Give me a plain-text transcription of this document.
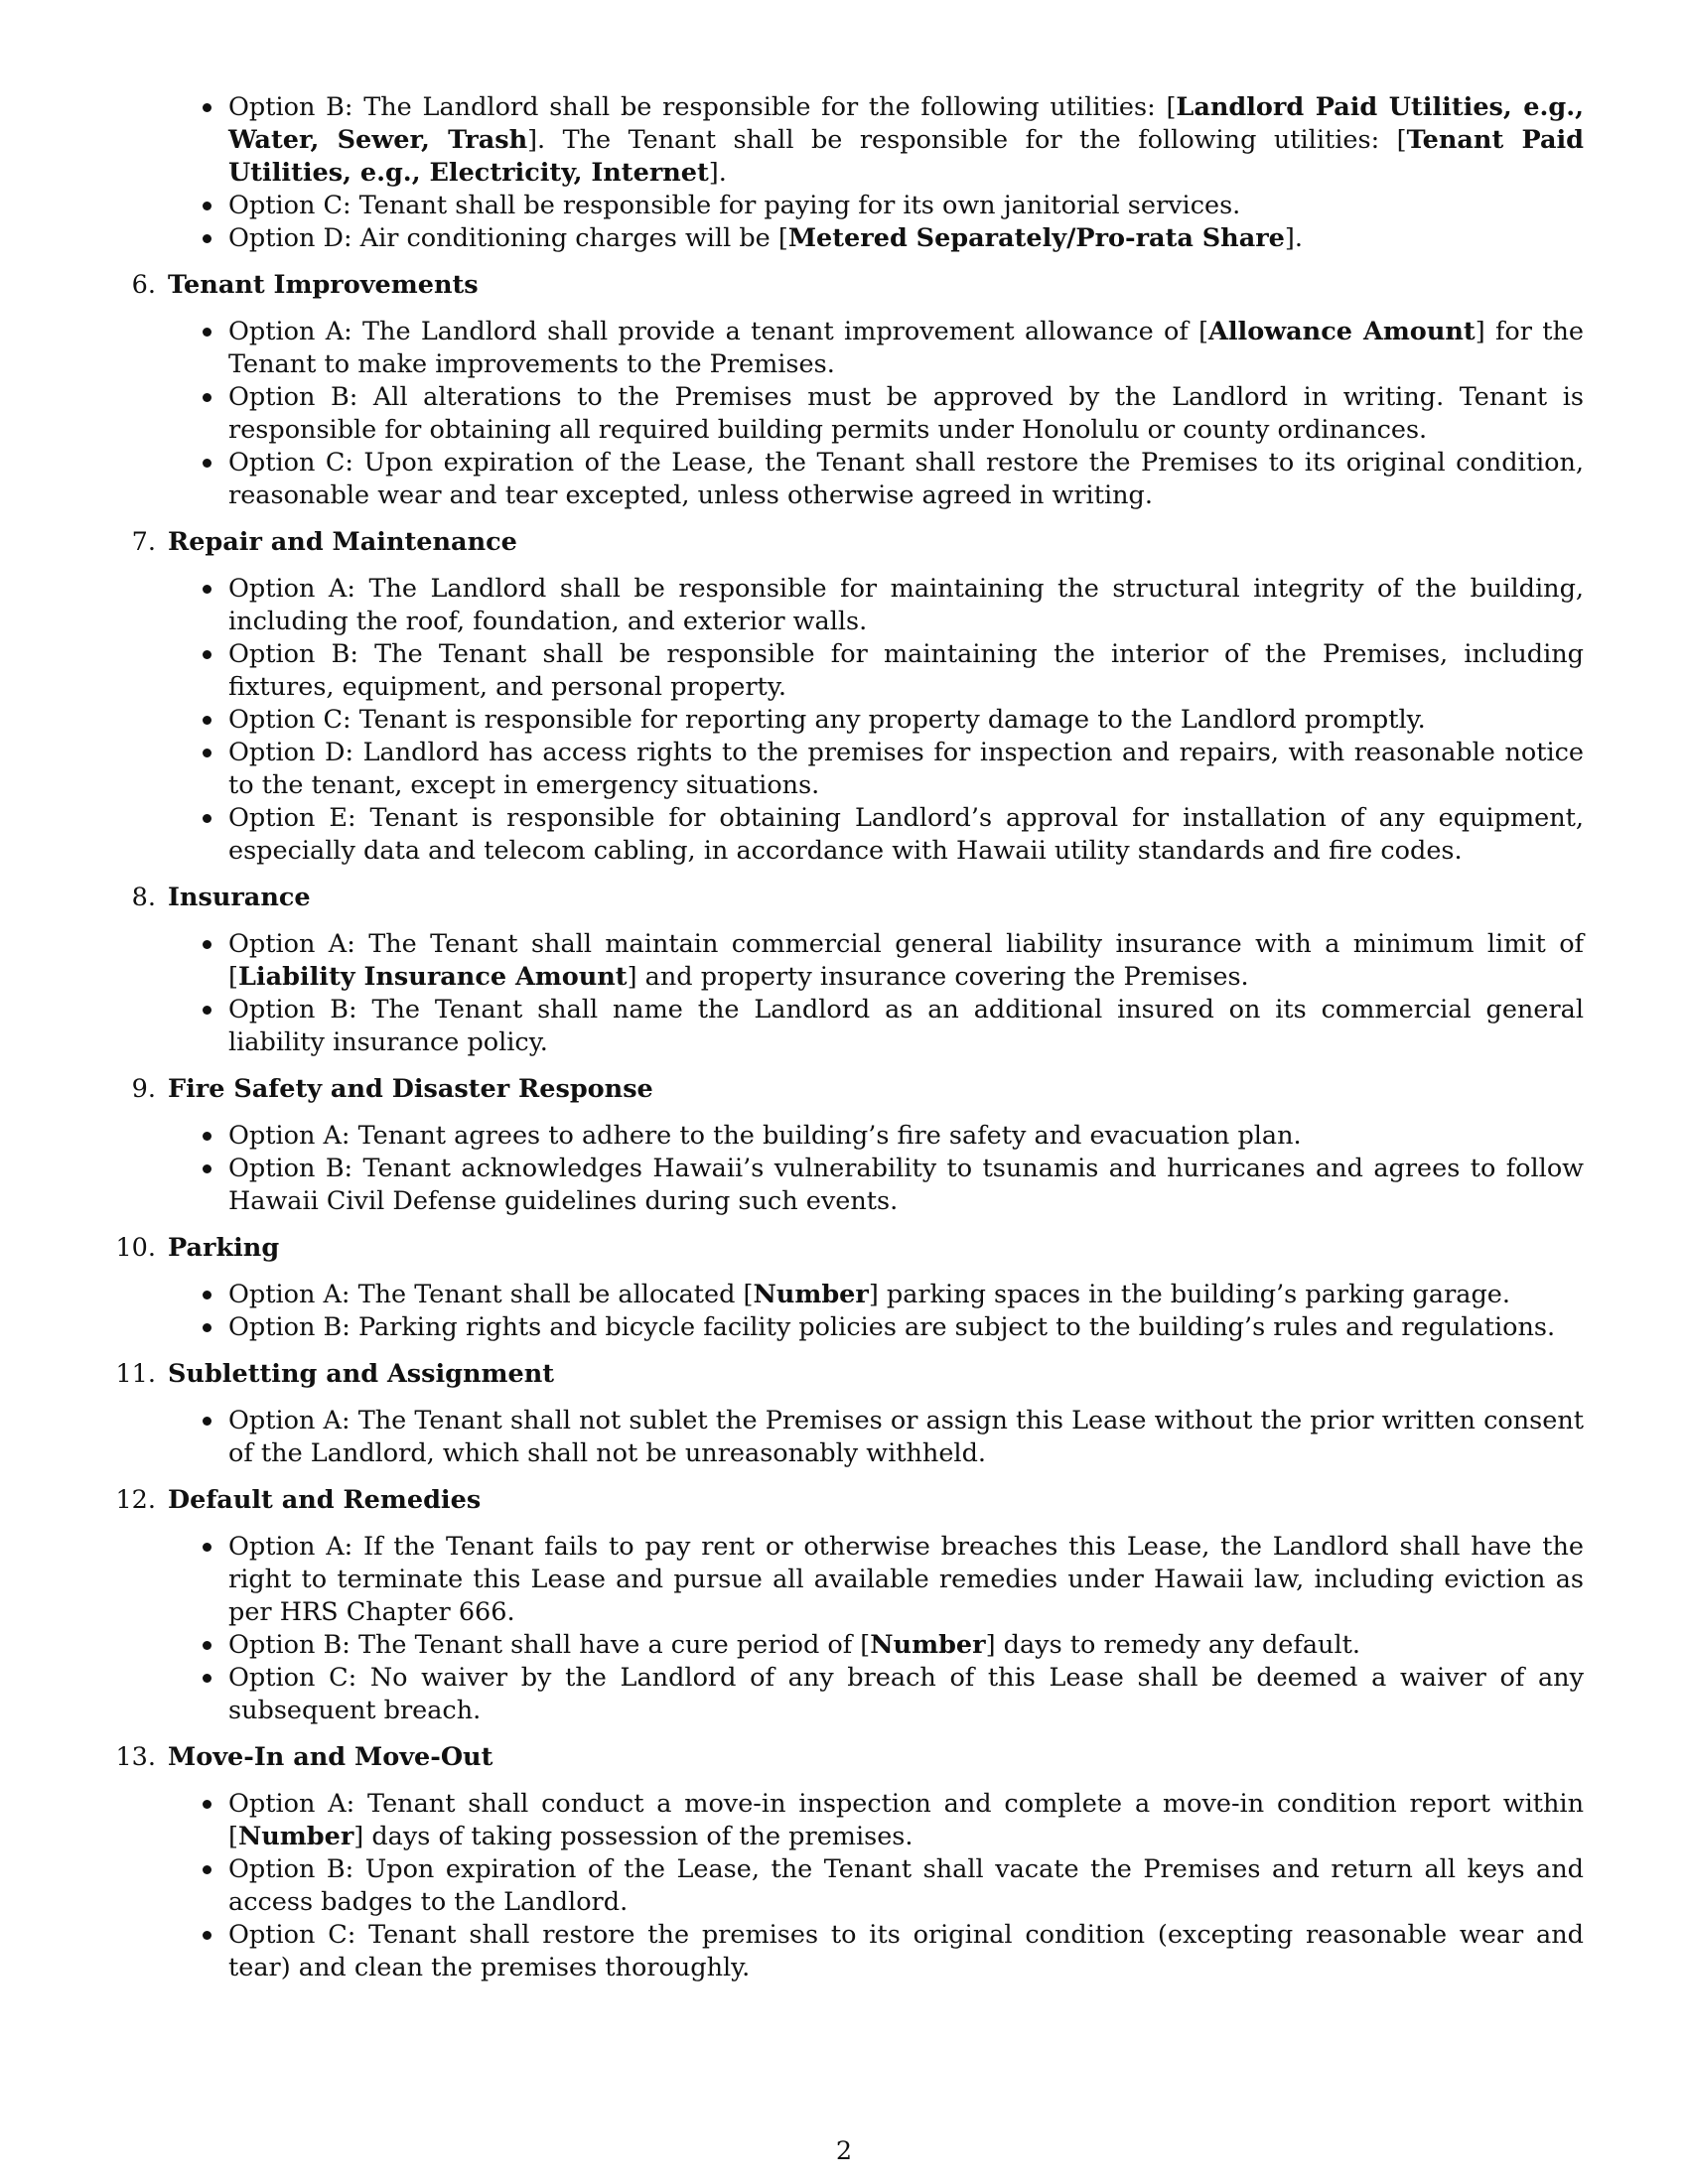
Option B: The Landlord shall be responsible for the following utilities: [Landlord Paid Utilities, e.g., Water, Sewer, Trash]. The Tenant shall be responsible for the following utilities: [Tenant Paid Utilities, e.g., Electricity, Internet].
Option C: Tenant shall be responsible for paying for its own janitorial services.
Option D: Air conditioning charges will be [Metered Separately/Pro-rata Share].
6. Tenant Improvements
Option A: The Landlord shall provide a tenant improvement allowance of [Allowance Amount] for the Tenant to make improvements to the Premises.
Option B: All alterations to the Premises must be approved by the Landlord in writing. Tenant is responsible for obtaining all required building permits under Honolulu or county ordinances.
Option C: Upon expiration of the Lease, the Tenant shall restore the Premises to its original condition, reasonable wear and tear excepted, unless otherwise agreed in writing.
7. Repair and Maintenance
Option A: The Landlord shall be responsible for maintaining the structural integrity of the building, including the roof, foundation, and exterior walls.
Option B: The Tenant shall be responsible for maintaining the interior of the Premises, including fixtures, equipment, and personal property.
Option C: Tenant is responsible for reporting any property damage to the Landlord promptly.
Option D: Landlord has access rights to the premises for inspection and repairs, with reasonable notice to the tenant, except in emergency situations.
Option E: Tenant is responsible for obtaining Landlord’s approval for installation of any equipment, especially data and telecom cabling, in accordance with Hawaii utility standards and fire codes.
8. Insurance
Option A: The Tenant shall maintain commercial general liability insurance with a minimum limit of [Liability Insurance Amount] and property insurance covering the Premises.
Option B: The Tenant shall name the Landlord as an additional insured on its commercial general liability insurance policy.
9. Fire Safety and Disaster Response
Option A: Tenant agrees to adhere to the building’s fire safety and evacuation plan.
Option B: Tenant acknowledges Hawaii’s vulnerability to tsunamis and hurricanes and agrees to follow Hawaii Civil Defense guidelines during such events.
10. Parking
Option A: The Tenant shall be allocated [Number] parking spaces in the building’s parking garage.
Option B: Parking rights and bicycle facility policies are subject to the building’s rules and regulations.
11. Subletting and Assignment
Option A: The Tenant shall not sublet the Premises or assign this Lease without the prior written consent of the Landlord, which shall not be unreasonably withheld.
12. Default and Remedies
Option A: If the Tenant fails to pay rent or otherwise breaches this Lease, the Landlord shall have the right to terminate this Lease and pursue all available remedies under Hawaii law, including eviction as per HRS Chapter 666.
Option B: The Tenant shall have a cure period of [Number] days to remedy any default.
Option C: No waiver by the Landlord of any breach of this Lease shall be deemed a waiver of any subsequent breach.
13. Move-In and Move-Out
Option A: Tenant shall conduct a move-in inspection and complete a move-in condition report within [Number] days of taking possession of the premises.
Option B: Upon expiration of the Lease, the Tenant shall vacate the Premises and return all keys and access badges to the Landlord.
Option C: Tenant shall restore the premises to its original condition (excepting reasonable wear and tear) and clean the premises thoroughly.
2
